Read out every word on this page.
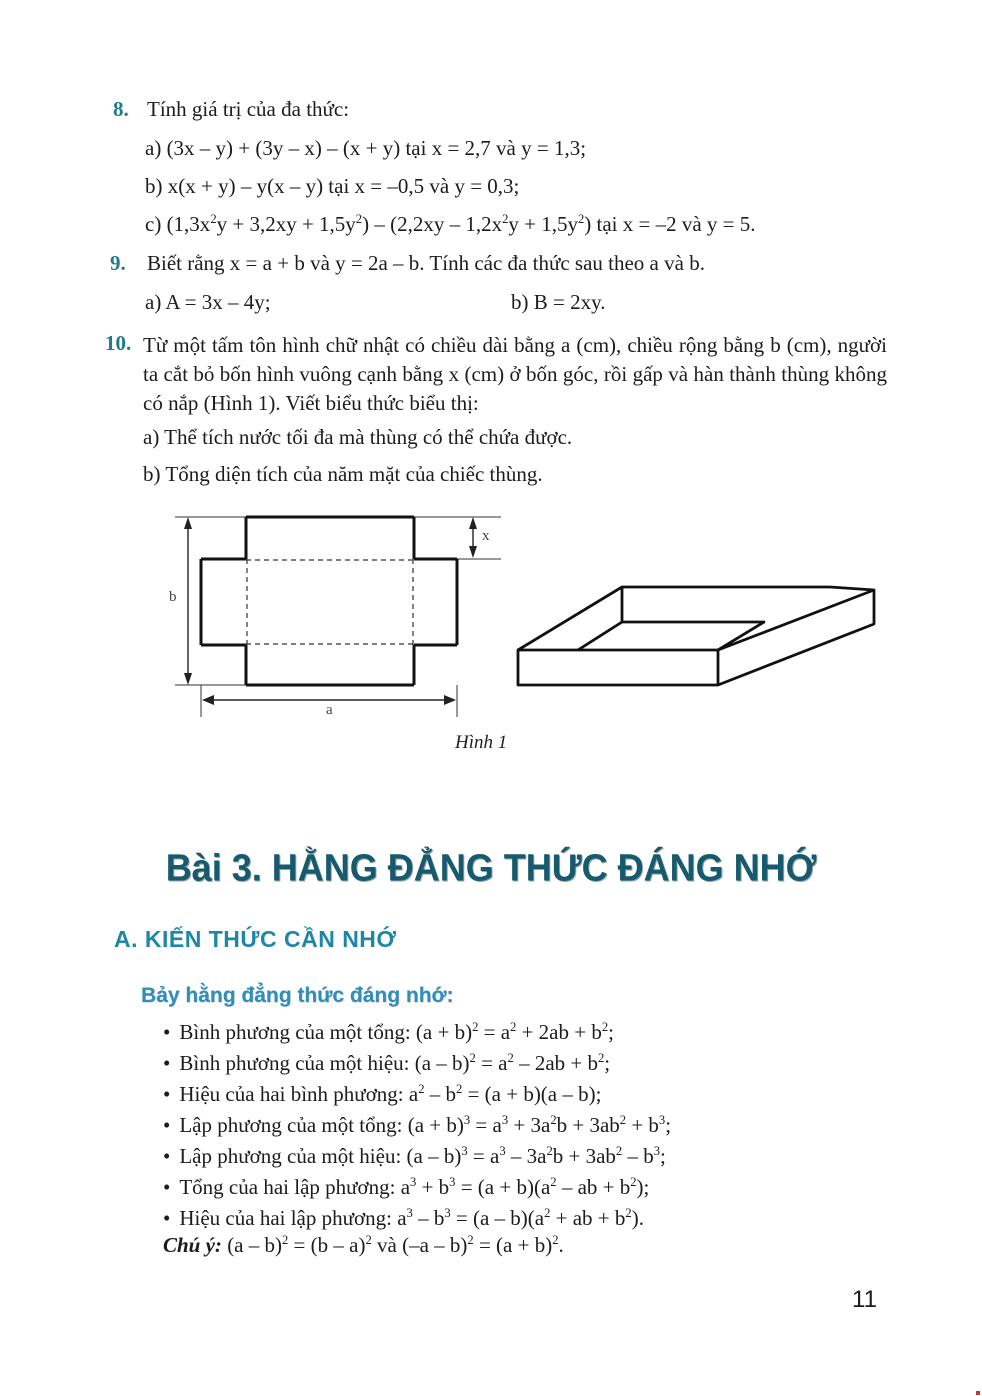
8. Tính giá trị của đa thức:
a) (3x – y) + (3y – x) – (x + y) tại x = 2,7 và y = 1,3;
b) x(x + y) – y(x – y) tại x = –0,5 và y = 0,3;
c) $(1,3x^2y + 3,2xy + 1,5y^2) - (2,2xy - 1,2x^2y + 1,5y^2)$ tại x = –2 và y = 5.
9. Biết rằng x = a + b và y = 2a – b. Tính các đa thức sau theo a và b.
a) A = 3x – 4y;	b) B = 2xy.
10. Từ một tấm tôn hình chữ nhật có chiều dài bằng a (cm), chiều rộng bằng b (cm), người ta cắt bỏ bốn hình vuông cạnh bằng x (cm) ở bốn góc, rồi gấp và hàn thành thùng không có nắp (Hình 1). Viết biểu thức biểu thị:
a) Thể tích nước tối đa mà thùng có thể chứa được.
b) Tổng diện tích của năm mặt của chiếc thùng.
b
a
x
Hình 1
Bài 3. HẰNG ĐẲNG THỨC ĐÁNG NHỚ
A. KIẾN THỨC CẦN NHỚ
Bảy hằng đẳng thức đáng nhớ:
• Bình phương của một tổng: $(a + b)^2 = a^2 + 2ab + b^2$;
• Bình phương của một hiệu: $(a - b)^2 = a^2 - 2ab + b^2$;
• Hiệu của hai bình phương: $a^2 - b^2 = (a + b)(a - b)$;
• Lập phương của một tổng: $(a + b)^3 = a^3 + 3a^2b + 3ab^2 + b^3$;
• Lập phương của một hiệu: $(a - b)^3 = a^3 - 3a^2b + 3ab^2 - b^3$;
• Tổng của hai lập phương: $a^3 + b^3 = (a + b)(a^2$ – ab + $b^2$);
• Hiệu của hai lập phương: $a^3 - b^3 = (a - b)(a^2$ + ab + $b^2$).
Chú ý: (a – b)$^2$ = (b – a)$^2$ và $(-a - b)^2 = (a + b)^2$.
11
